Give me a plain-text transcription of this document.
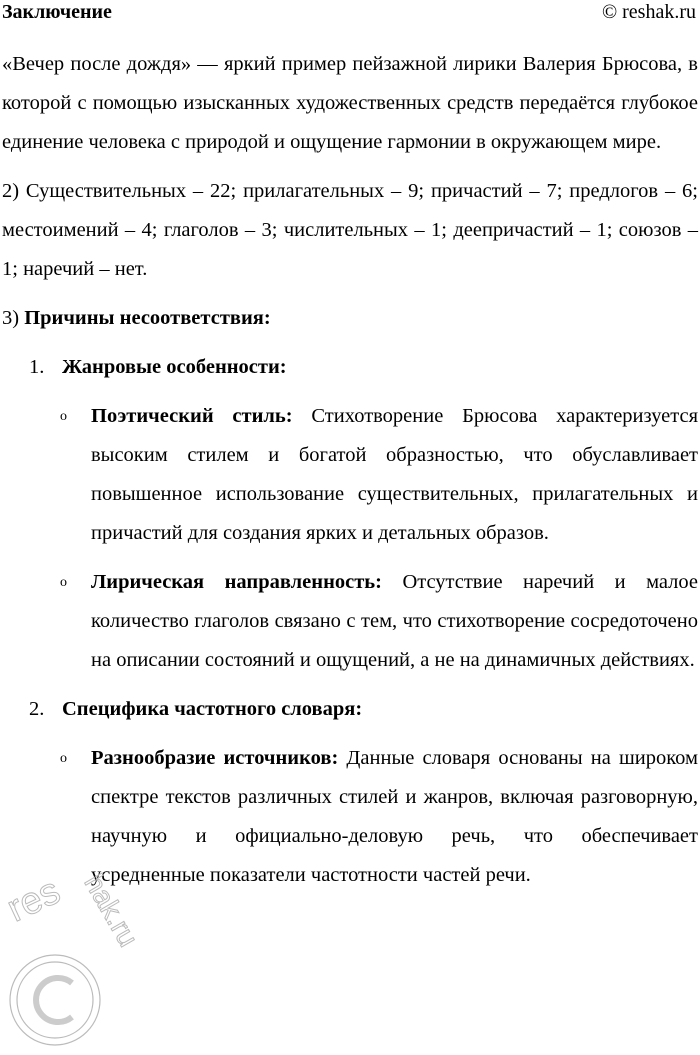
Заключение	© reshak.ru

«Вечер после дождя» — яркий пример пейзажной лирики Валерия Брюсова, в которой с помощью изысканных художественных средств передаётся глубокое единение человека с природой и ощущение гармонии в окружающем мире.

2) Существительных – 22; прилагательных – 9; причастий – 7; предлогов – 6; местоимений – 4; глаголов – 3; числительных – 1; деепричастий – 1; союзов – 1; наречий – нет.

3) Причины несоответствия:

1. Жанровые особенности:
o Поэтический стиль: Стихотворение Брюсова характеризуется высоким стилем и богатой образностью, что обуславливает повышенное использование существительных, прилагательных и причастий для создания ярких и детальных образов.
o Лирическая направленность: Отсутствие наречий и малое количество глаголов связано с тем, что стихотворение сосредоточено на описании состояний и ощущений, а не на динамичных действиях.
2. Специфика частотного словаря:
o Разнообразие источников: Данные словаря основаны на широком спектре текстов различных стилей и жанров, включая разговорную, научную и официально-деловую речь, что обеспечивает усредненные показатели частотности частей речи.
res hak.ru
